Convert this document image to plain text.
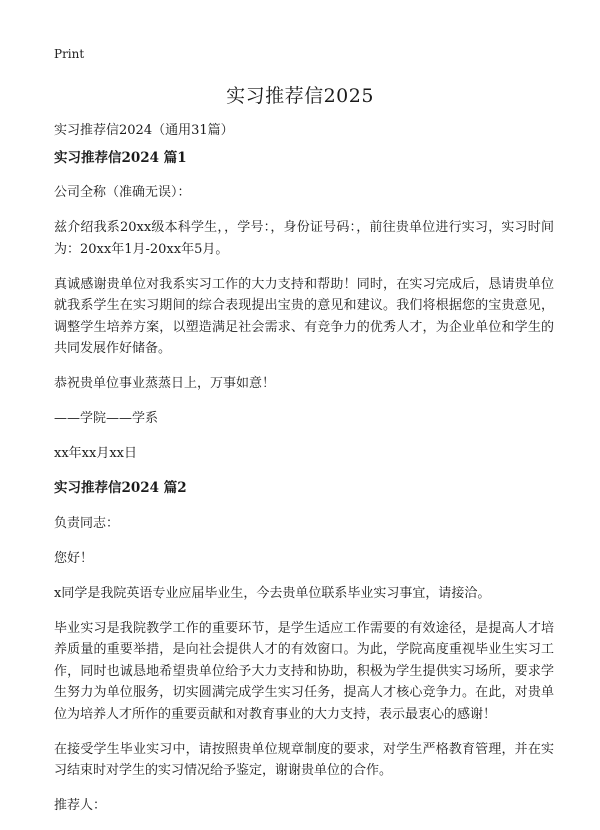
Print
实习推荐信2025

实习推荐信2024（通用31篇）

实习推荐信2024 篇1

公司全称（准确无误）：

兹介绍我系20xx级本科学生，，学号：，身份证号码：，前往贵单位进行实习，实习时间为：20xx年1月-20xx年5月。

真诚感谢贵单位对我系实习工作的大力支持和帮助！同时，在实习完成后，恳请贵单位就我系学生在实习期间的综合表现提出宝贵的意见和建议。我们将根据您的宝贵意见，调整学生培养方案，以塑造满足社会需求、有竞争力的优秀人才，为企业单位和学生的共同发展作好储备。

恭祝贵单位事业蒸蒸日上，万事如意！

——学院——学系

xx年xx月xx日

实习推荐信2024 篇2

负责同志：

您好！

x同学是我院英语专业应届毕业生，今去贵单位联系毕业实习事宜，请接洽。

毕业实习是我院教学工作的重要环节，是学生适应工作需要的有效途径，是提高人才培养质量的重要举措，是向社会提供人才的有效窗口。为此，学院高度重视毕业生实习工作，同时也诚恳地希望贵单位给予大力支持和协助，积极为学生提供实习场所，要求学生努力为单位服务，切实圆满完成学生实习任务，提高人才核心竞争力。在此，对贵单位为培养人才所作的重要贡献和对教育事业的大力支持，表示最衷心的感谢！

在接受学生毕业实习中，请按照贵单位规章制度的要求，对学生严格教育管理，并在实习结束时对学生的实习情况给予鉴定，谢谢贵单位的合作。

推荐人：
